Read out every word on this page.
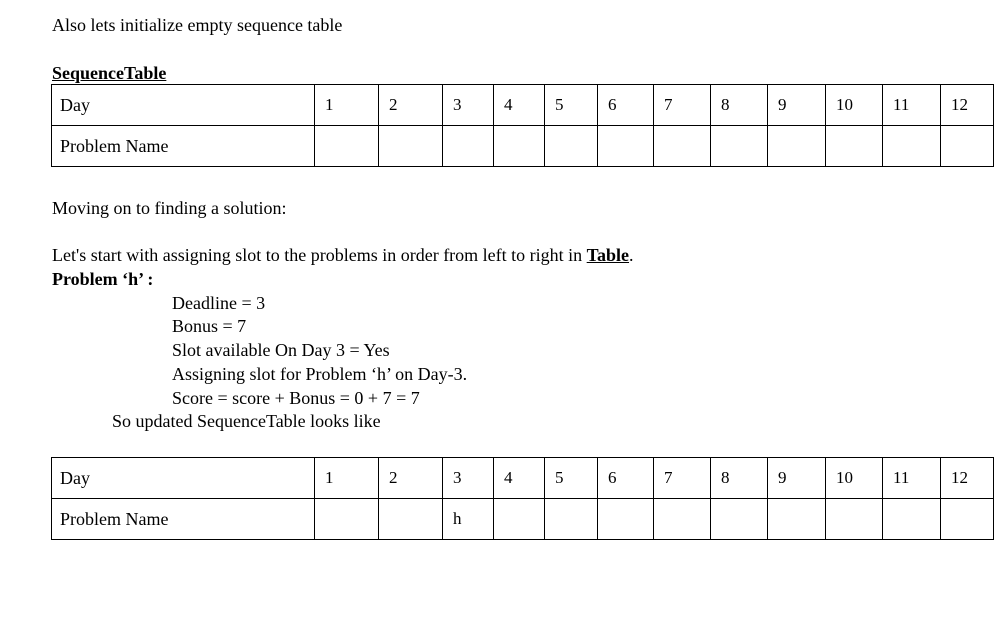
Also lets initialize empty sequence table
SequenceTable
Day	1	2	3	4	5	6	7	8	9	10	11	12
Problem Name												
Moving on to finding a solution:
Let's start with assigning slot to the problems in order from left to right in Table.
Problem ‘h’ :
Deadline = 3
Bonus = 7
Slot available On Day 3 = Yes
Assigning slot for Problem ‘h’ on Day-3.
Score = score + Bonus = 0 + 7 = 7
So updated SequenceTable looks like
Day	1	2	3	4	5	6	7	8	9	10	11	12
Problem Name			h									
